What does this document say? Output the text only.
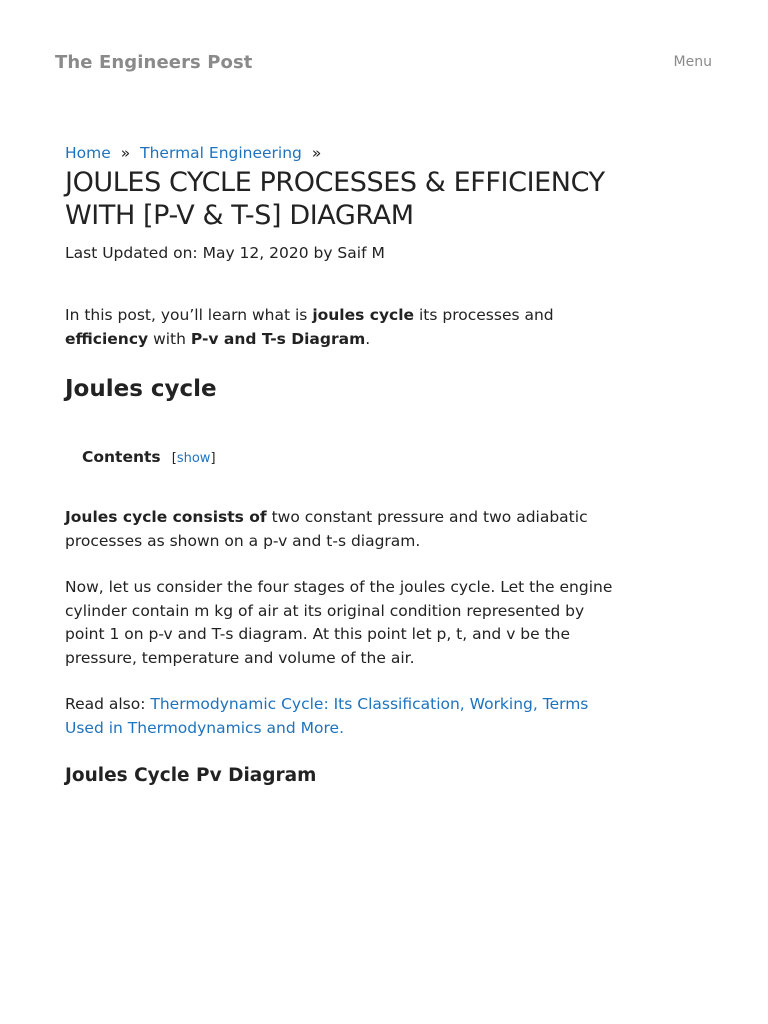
The Engineers Post	Menu
Home » Thermal Engineering »
JOULES CYCLE PROCESSES & EFFICIENCY WITH [P-V & T-S] DIAGRAM
Last Updated on: May 12, 2020 by Saif M

In this post, you’ll learn what is joules cycle its processes and efficiency with P-v and T-s Diagram.

Joules cycle
Contents [show]

Joules cycle consists of two constant pressure and two adiabatic processes as shown on a p-v and t-s diagram.

Now, let us consider the four stages of the joules cycle. Let the engine cylinder contain m kg of air at its original condition represented by point 1 on p-v and T-s diagram. At this point let p, t, and v be the pressure, temperature and volume of the air.

Read also: Thermodynamic Cycle: Its Classification, Working, Terms Used in Thermodynamics and More.

Joules Cycle Pv Diagram
